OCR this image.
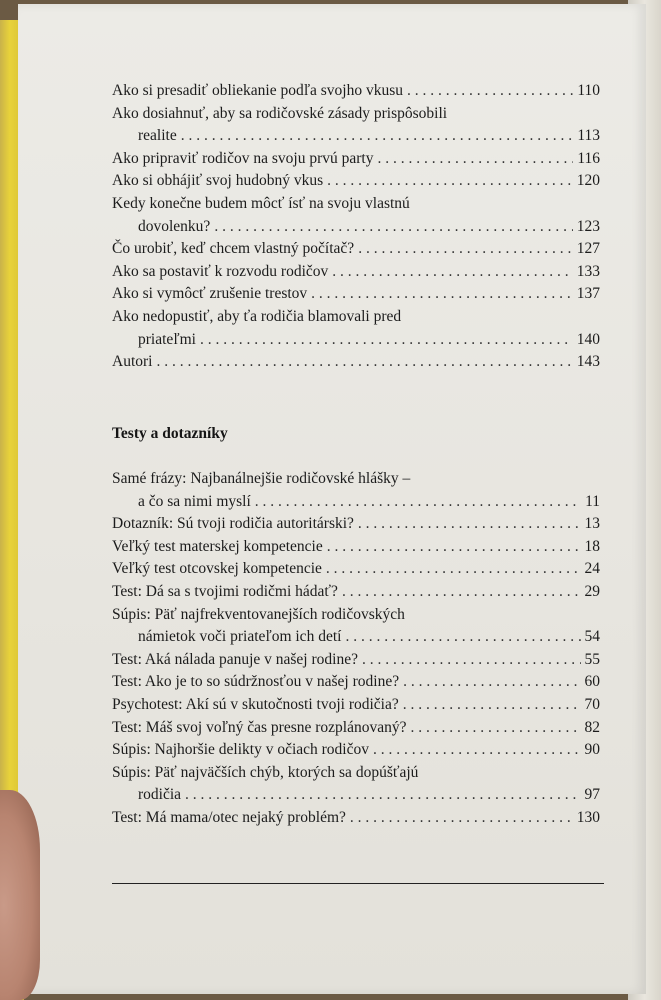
Ako si presadiť obliekanie podľa svojho vkusu . . .	110
Ako dosiahnuť, aby sa rodičovské zásady prispôsobili
realite . . .	113
Ako pripraviť rodičov na svoju prvú party . . .	116
Ako si obhájiť svoj hudobný vkus . . .	120
Kedy konečne budem môcť ísť na svoju vlastnú
dovolenku? . . .	123
Čo urobiť, keď chcem vlastný počítač? . . .	127
Ako sa postaviť k rozvodu rodičov . . .	133
Ako si vymôcť zrušenie trestov . . .	137
Ako nedopustiť, aby ťa rodičia blamovali pred
priateľmi . . .	140
Autori . . .	143
Testy a dotazníky
Samé frázy: Najbanálnejšie rodičovské hlášky –
a čo sa nimi myslí . . .	11
Dotazník: Sú tvoji rodičia autoritárski? . . .	13
Veľký test materskej kompetencie . . .	18
Veľký test otcovskej kompetencie . . .	24
Test: Dá sa s tvojimi rodičmi hádať? . . .	29
Súpis: Päť najfrekventovanejších rodičovských
námietok voči priateľom ich detí . . .	54
Test: Aká nálada panuje v našej rodine? . . .	55
Test: Ako je to so súdržnosťou v našej rodine? . . .	60
Psychotest: Akí sú v skutočnosti tvoji rodičia? . . .	70
Test: Máš svoj voľný čas presne rozplánovaný? . . .	82
Súpis: Najhoršie delikty v očiach rodičov . . .	90
Súpis: Päť najväčších chýb, ktorých sa dopúšťajú
rodičia . . .	97
Test: Má mama/otec nejaký problém? . . .	130
